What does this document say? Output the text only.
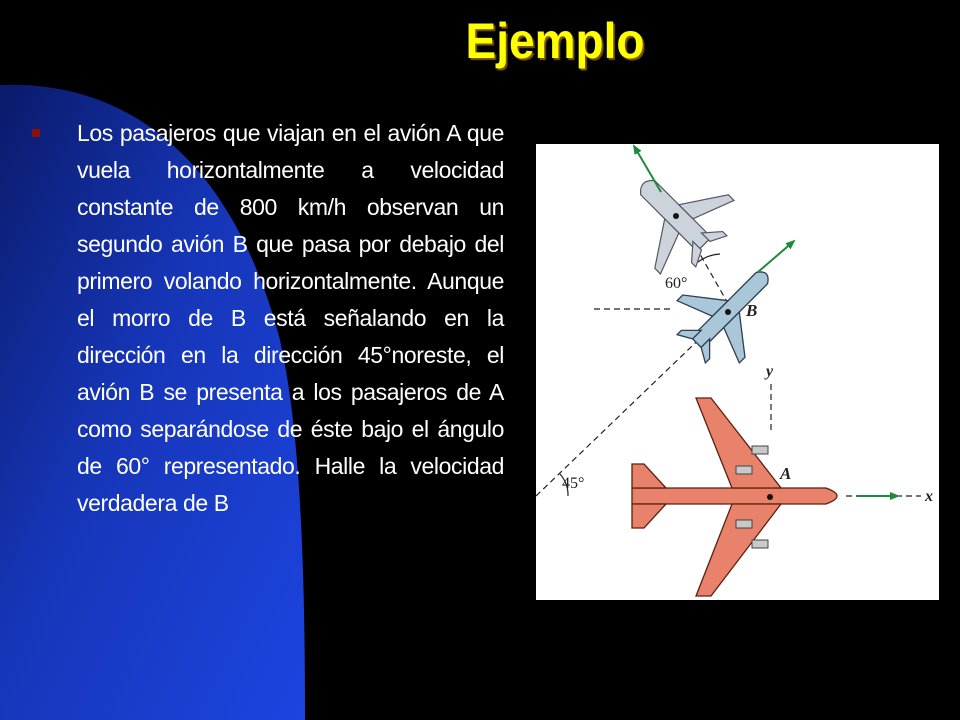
Ejemplo
Los pasajeros que viajan en el avión A que vuela horizontalmente a velocidad constante de 800 km/h observan un segundo avión B que pasa por debajo del primero volando horizontalmente. Aunque el morro de B está señalando en la dirección en la dirección 45°noreste, el avión B se presenta a los pasajeros de A como separándose de éste bajo el ángulo de 60° representado. Halle la velocidad verdadera de B
60°
45°
B
A
y
x
